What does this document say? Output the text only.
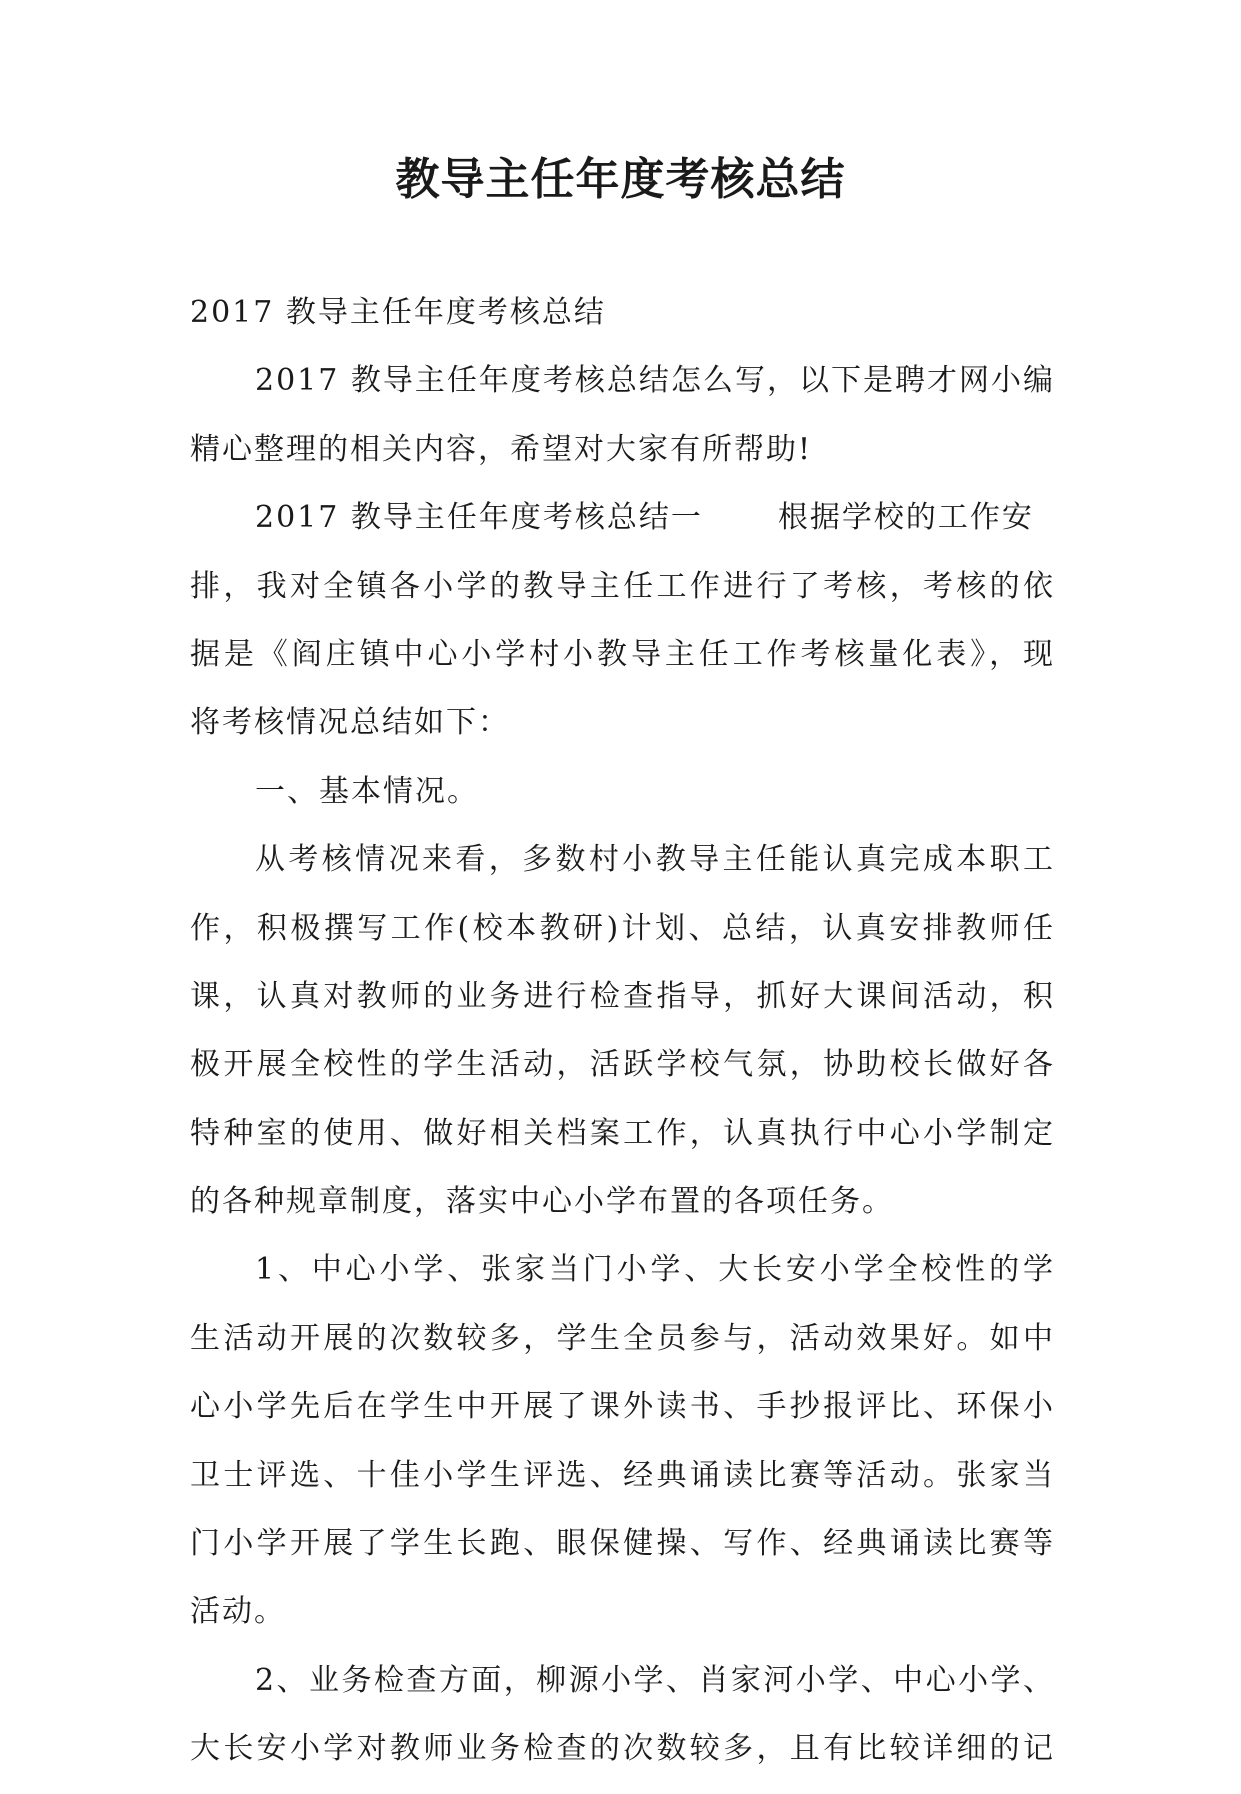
教导主任年度考核总结
2017 教导主任年度考核总结
2017 教导主任年度考核总结怎么写，以下是聘才网小编
精心整理的相关内容，希望对大家有所帮助!
2017 教导主任年度考核总结一	根据学校的工作安
排，我对全镇各小学的教导主任工作进行了考核，考核的依
据是《阎庄镇中心小学村小教导主任工作考核量化表》，现
将考核情况总结如下：
一、基本情况。
从考核情况来看，多数村小教导主任能认真完成本职工
作，积极撰写工作(校本教研)计划、总结，认真安排教师任
课，认真对教师的业务进行检查指导，抓好大课间活动，积
极开展全校性的学生活动，活跃学校气氛，协助校长做好各
特种室的使用、做好相关档案工作，认真执行中心小学制定
的各种规章制度，落实中心小学布置的各项任务。
1、中心小学、张家当门小学、大长安小学全校性的学
生活动开展的次数较多，学生全员参与，活动效果好。如中
心小学先后在学生中开展了课外读书、手抄报评比、环保小
卫士评选、十佳小学生评选、经典诵读比赛等活动。张家当
门小学开展了学生长跑、眼保健操、写作、经典诵读比赛等
活动。
2、业务检查方面，柳源小学、肖家河小学、中心小学、
大长安小学对教师业务检查的次数较多，且有比较详细的记
